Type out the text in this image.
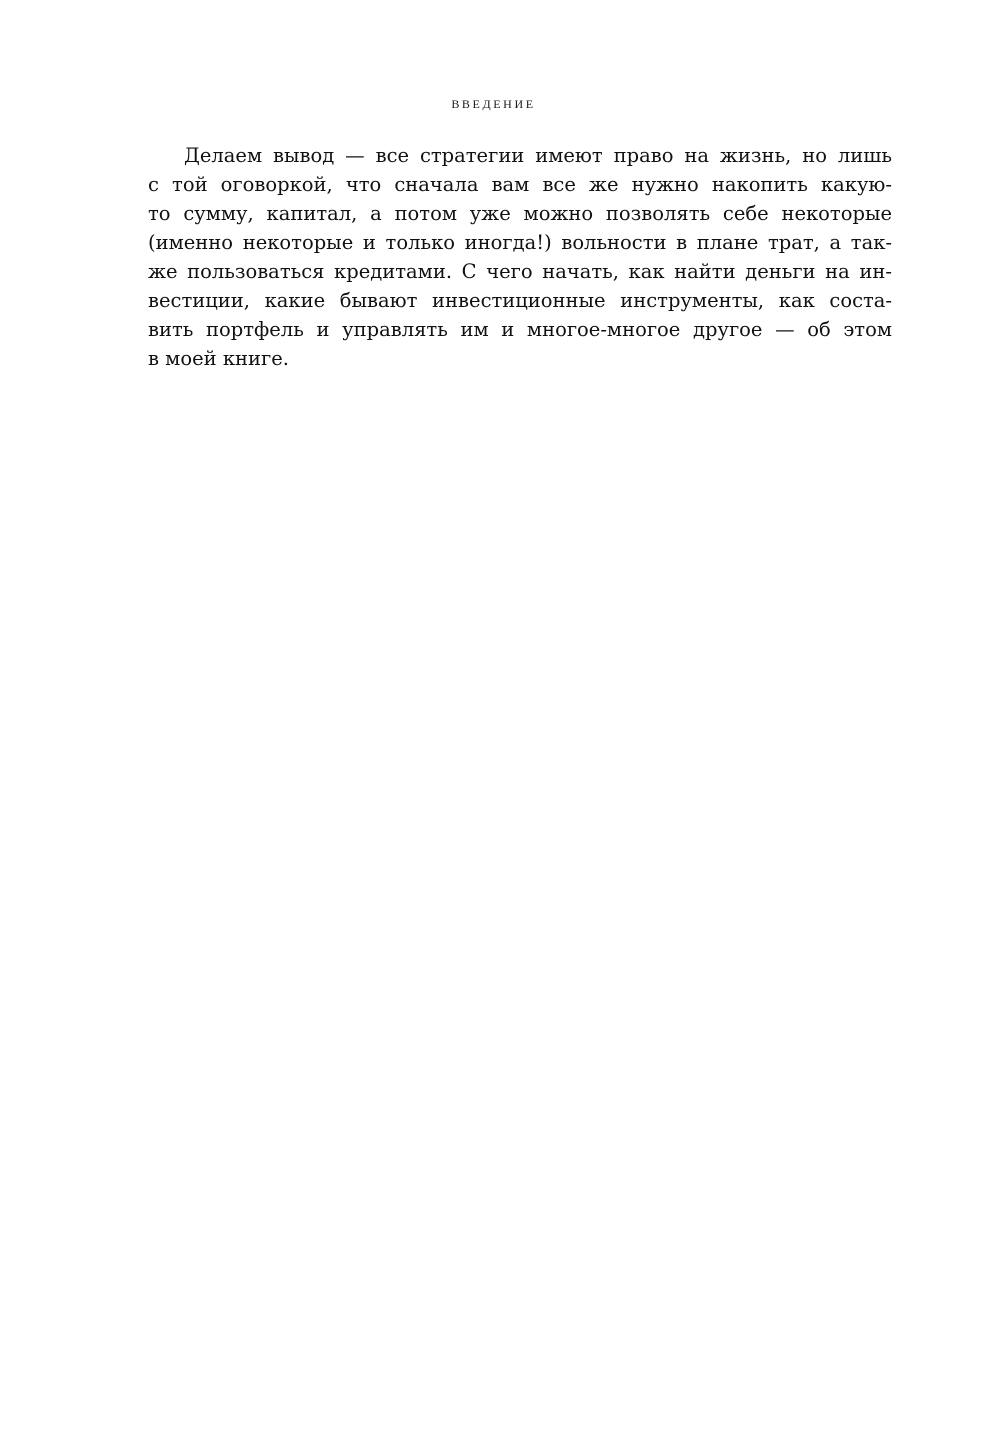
ВВЕДЕНИЕ
Делаем вывод — все стратегии имеют право на жизнь, но лишь
с той оговоркой, что сначала вам все же нужно накопить какую-
то сумму, капитал, а потом уже можно позволять себе некоторые
(именно некоторые и только иногда!) вольности в плане трат, а так-
же пользоваться кредитами. С чего начать, как найти деньги на ин-
вестиции, какие бывают инвестиционные инструменты, как соста-
вить портфель и управлять им и многое-многое другое — об этом
в моей книге.
